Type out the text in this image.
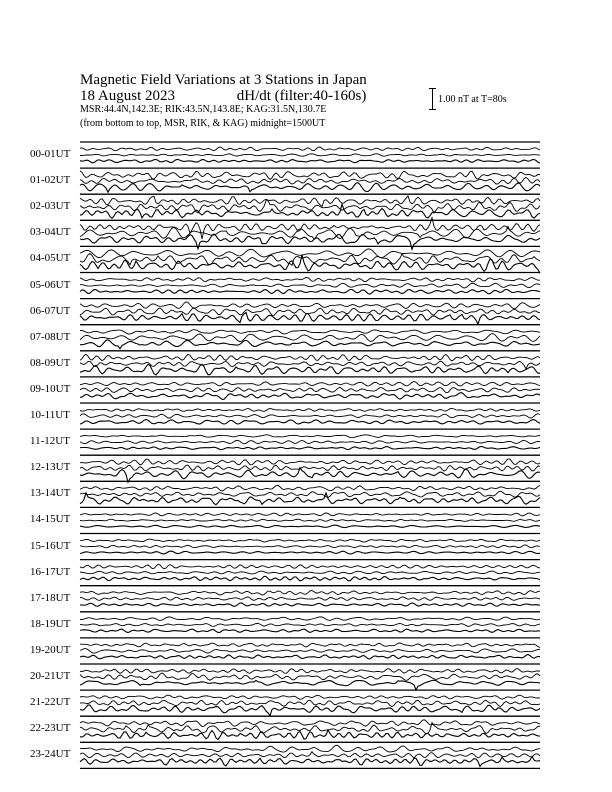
Magnetic Field Variations at 3 Stations in Japan
18 August 2023	dH/dt (filter:40-160s)
MSR:44.4N,142.3E; RIK:43.5N,143.8E; KAG:31.5N,130.7E
(from bottom to top, MSR, RIK, & KAG) midnight=1500UT
1.00 nT at T=80s
00-01UT
01-02UT
02-03UT
03-04UT
04-05UT
05-06UT
06-07UT
07-08UT
08-09UT
09-10UT
10-11UT
11-12UT
12-13UT
13-14UT
14-15UT
15-16UT
16-17UT
17-18UT
18-19UT
19-20UT
20-21UT
21-22UT
22-23UT
23-24UT
